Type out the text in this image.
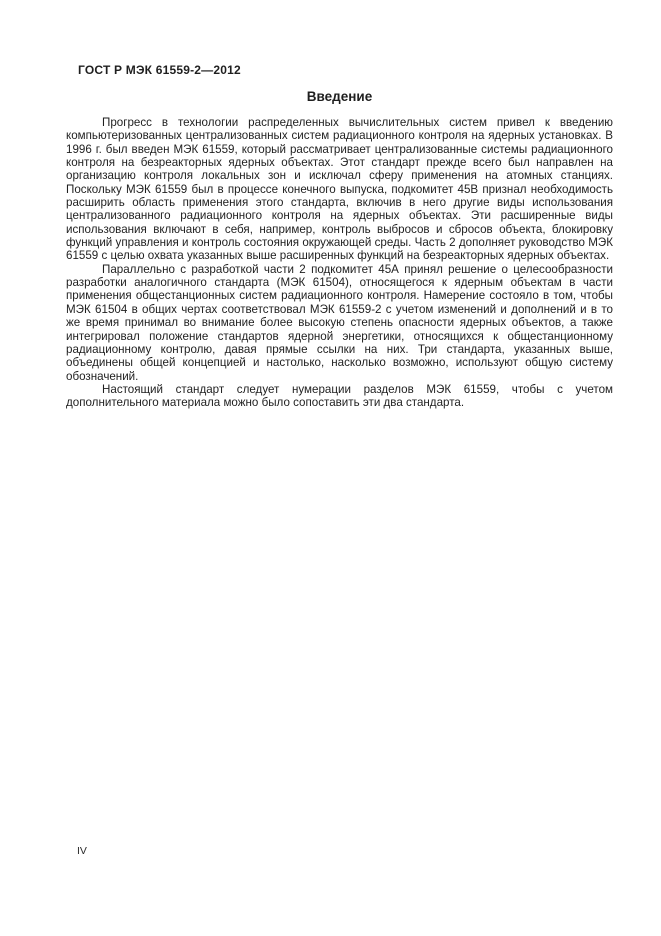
ГОСТ Р МЭК 61559-2—2012
Введение

Прогресс в технологии распределенных вычислительных систем привел к введению компьютеризованных централизованных систем радиационного контроля на ядерных установках. В 1996 г. был введен МЭК 61559, который рассматривает централизованные системы радиационного контроля на безреакторных ядерных объектах. Этот стандарт прежде всего был направлен на организацию контроля локальных зон и исключал сферу применения на атомных станциях. Поскольку МЭК 61559 был в процессе конечного выпуска, подкомитет 45В признал необходимость расширить область применения этого стандарта, включив в него другие виды использования централизованного радиационного контроля на ядерных объектах. Эти расширенные виды использования включают в себя, например, контроль выбросов и сбросов объекта, блокировку функций управления и контроль состояния окружающей среды. Часть 2 дополняет руководство МЭК 61559 с целью охвата указанных выше расширенных функций на безреакторных ядерных объектах.

Параллельно с разработкой части 2 подкомитет 45А принял решение о целесообразности разработки аналогичного стандарта (МЭК 61504), относящегося к ядерным объектам в части применения общестанционных систем радиационного контроля. Намерение состояло в том, чтобы МЭК 61504 в общих чертах соответствовал МЭК 61559-2 с учетом изменений и дополнений и в то же время принимал во внимание более высокую степень опасности ядерных объектов, а также интегрировал положение стандартов ядерной энергетики, относящихся к общестанционному радиационному контролю, давая прямые ссылки на них. Три стандарта, указанных выше, объединены общей концепцией и настолько, насколько возможно, используют общую систему обозначений.

Настоящий стандарт следует нумерации разделов МЭК 61559, чтобы с учетом дополнительного материала можно было сопоставить эти два стандарта.

IV
